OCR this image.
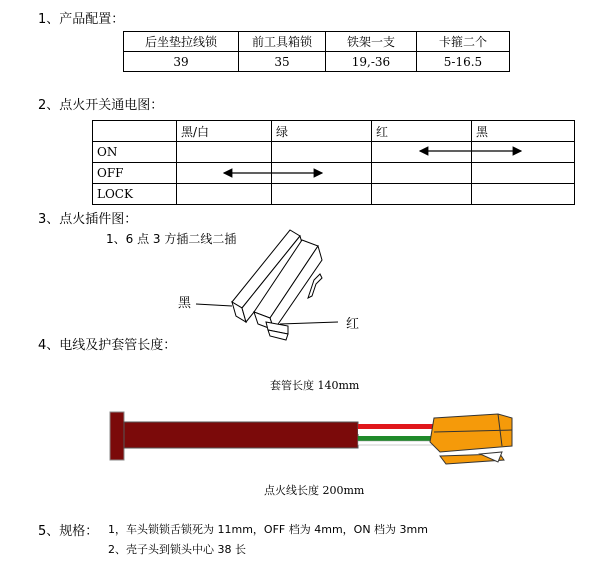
1、产品配置：
后坐垫拉线锁	前工具箱锁	铁架一支	卡箍二个
39	35	19,-36	5-16.5
2、点火开关通电图：
	黑/白	绿	红	黑
ON				
OFF				
LOCK				
3、点火插件图：
1、6 点 3 方插二线二插
黑
红
4、电线及护套管长度：
套管长度 140mm
点火线长度 200mm
5、规格： 1，车头锁锁舌锁死为 11mm，OFF 档为 4mm，ON 档为 3mm
2、壳子头到锁头中心 38 长
